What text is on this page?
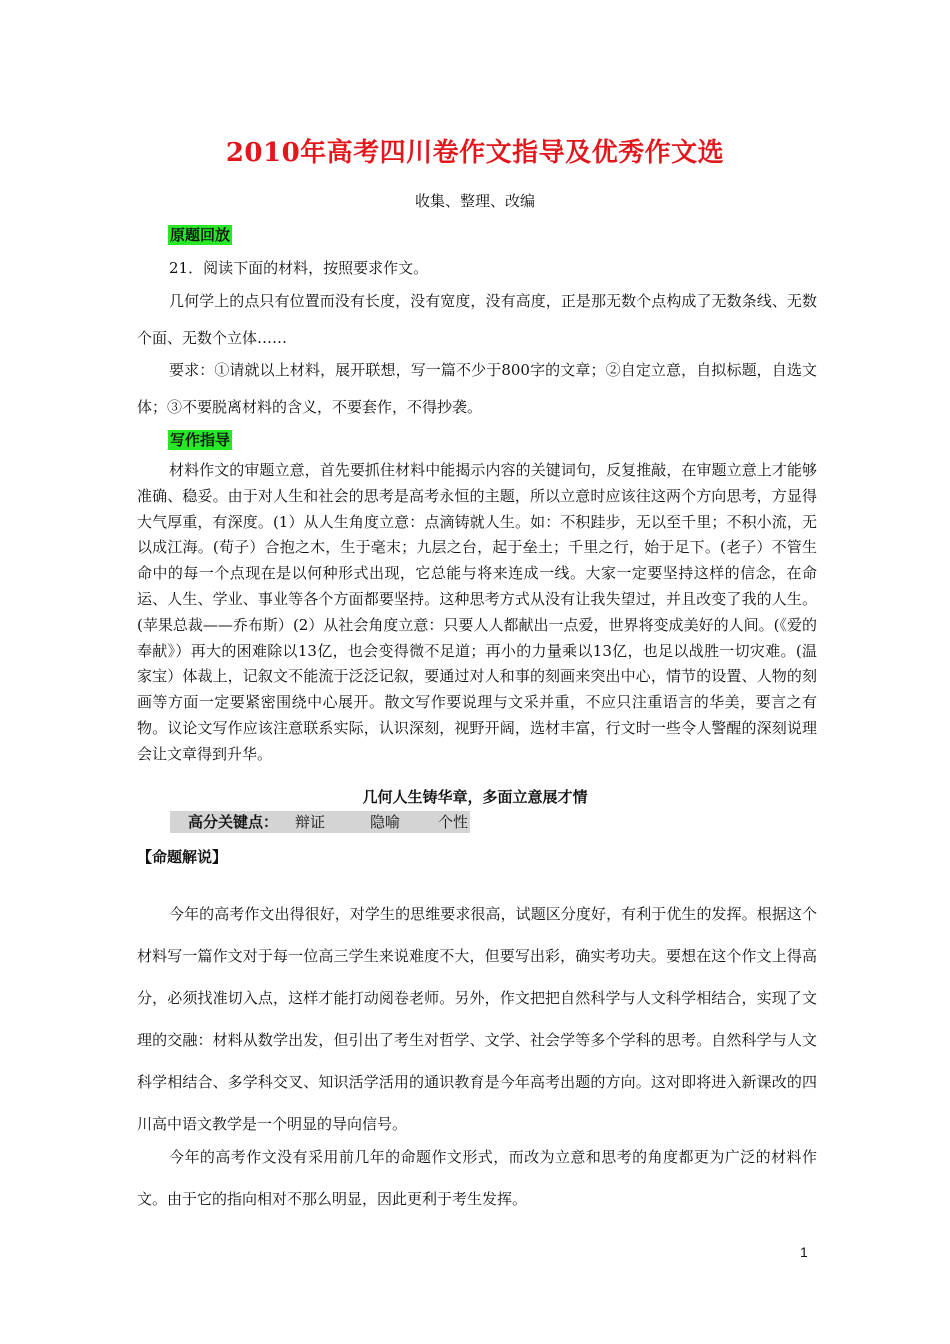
2010年高考四川卷作文指导及优秀作文选
收集、整理、改编
原题回放
21．阅读下面的材料，按照要求作文。
几何学上的点只有位置而没有长度，没有宽度，没有高度，正是那无数个点构成了无数条线、无数个面、无数个立体……
要求：①请就以上材料，展开联想，写一篇不少于800字的文章；②自定立意，自拟标题，自选文体；③不要脱离材料的含义，不要套作，不得抄袭。
写作指导
材料作文的审题立意，首先要抓住材料中能揭示内容的关键词句，反复推敲，在审题立意上才能够准确、稳妥。由于对人生和社会的思考是高考永恒的主题，所以立意时应该往这两个方向思考，方显得大气厚重，有深度。(1）从人生角度立意：点滴铸就人生。如：不积跬步，无以至千里；不积小流，无以成江海。(荀子）合抱之木，生于毫末；九层之台，起于垒土；千里之行，始于足下。(老子）不管生命中的每一个点现在是以何种形式出现，它总能与将来连成一线。大家一定要坚持这样的信念，在命运、人生、学业、事业等各个方面都要坚持。这种思考方式从没有让我失望过，并且改变了我的人生。(苹果总裁——乔布斯）(2）从社会角度立意：只要人人都献出一点爱，世界将变成美好的人间。(《爱的奉献》）再大的困难除以13亿，也会变得微不足道；再小的力量乘以13亿，也足以战胜一切灾难。(温家宝）体裁上，记叙文不能流于泛泛记叙，要通过对人和事的刻画来突出中心，情节的设置、人物的刻画等方面一定要紧密围绕中心展开。散文写作要说理与文采并重，不应只注重语言的华美，要言之有物。议论文写作应该注意联系实际，认识深刻，视野开阔，选材丰富，行文时一些令人警醒的深刻说理会让文章得到升华。
几何人生铸华章，多面立意展才情
高分关键点： 辩证	隐喻	个性
【命题解说】
今年的高考作文出得很好，对学生的思维要求很高，试题区分度好，有利于优生的发挥。根据这个材料写一篇作文对于每一位高三学生来说难度不大，但要写出彩，确实考功夫。要想在这个作文上得高分，必须找准切入点，这样才能打动阅卷老师。另外，作文把把自然科学与人文科学相结合，实现了文理的交融：材料从数学出发，但引出了考生对哲学、文学、社会学等多个学科的思考。自然科学与人文科学相结合、多学科交叉、知识活学活用的通识教育是今年高考出题的方向。这对即将进入新课改的四川高中语文教学是一个明显的导向信号。
今年的高考作文没有采用前几年的命题作文形式，而改为立意和思考的角度都更为广泛的材料作文。由于它的指向相对不那么明显，因此更利于考生发挥。
1
